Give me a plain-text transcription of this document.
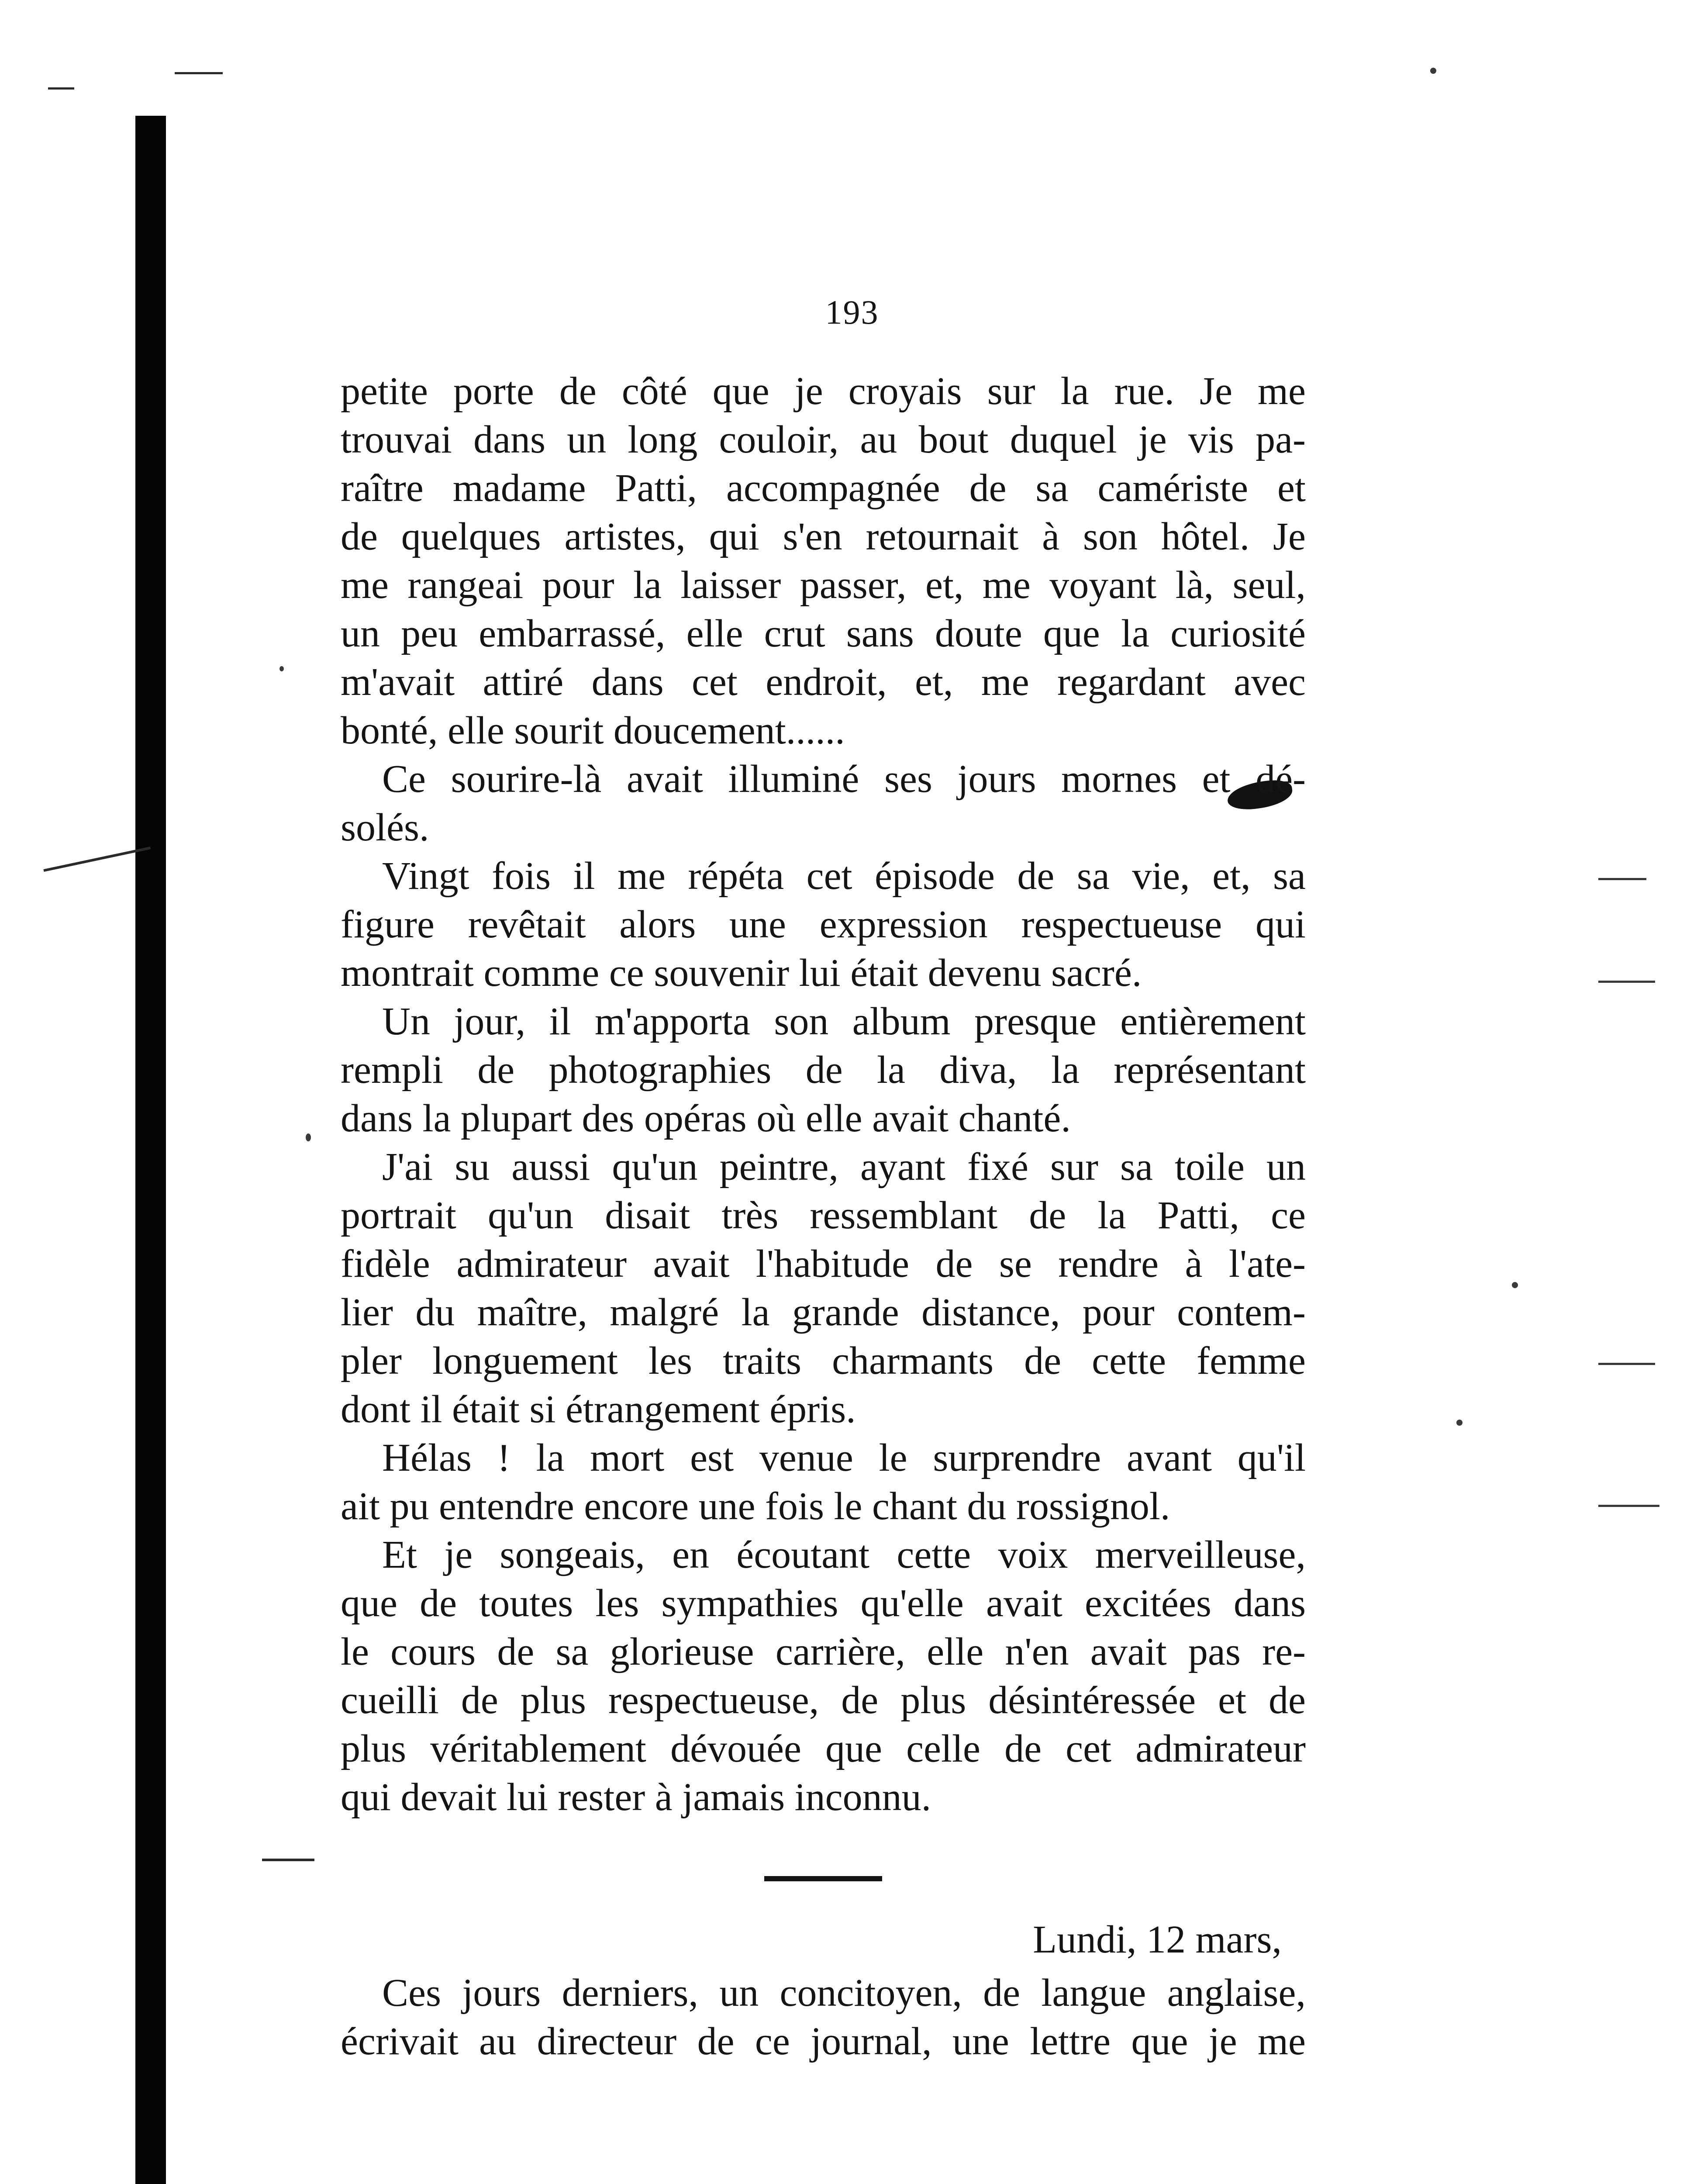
193

petite porte de côté que je croyais sur la rue. Je me
trouvai dans un long couloir, au bout duquel je vis pa-
raître madame Patti, accompagnée de sa camériste et
de quelques artistes, qui s'en retournait à son hôtel. Je
me rangeai pour la laisser passer, et, me voyant là, seul,
un peu embarrassé, elle crut sans doute que la curiosité
m'avait attiré dans cet endroit, et, me regardant avec
bonté, elle sourit doucement......

Ce sourire-là avait illuminé ses jours mornes et dé-
solés.

Vingt fois il me répéta cet épisode de sa vie, et, sa
figure revêtait alors une expression respectueuse qui
montrait comme ce souvenir lui était devenu sacré.

Un jour, il m'apporta son album presque entièrement
rempli de photographies de la diva, la représentant
dans la plupart des opéras où elle avait chanté.

J'ai su aussi qu'un peintre, ayant fixé sur sa toile un
portrait qu'un disait très ressemblant de la Patti, ce
fidèle admirateur avait l'habitude de se rendre à l'ate-
lier du maître, malgré la grande distance, pour contem-
pler longuement les traits charmants de cette femme
dont il était si étrangement épris.

Hélas ! la mort est venue le surprendre avant qu'il
ait pu entendre encore une fois le chant du rossignol.

Et je songeais, en écoutant cette voix merveilleuse,
que de toutes les sympathies qu'elle avait excitées dans
le cours de sa glorieuse carrière, elle n'en avait pas re-
cueilli de plus respectueuse, de plus désintéressée et de
plus véritablement dévouée que celle de cet admirateur
qui devait lui rester à jamais inconnu.

Lundi, 12 mars,

Ces jours derniers, un concitoyen, de langue anglaise,
écrivait au directeur de ce journal, une lettre que je me
